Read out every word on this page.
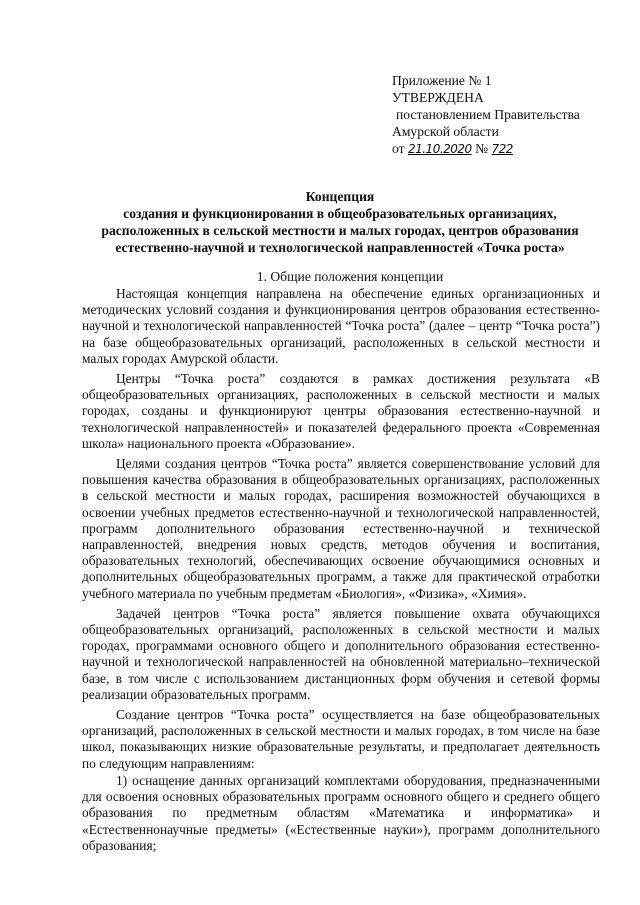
Приложение № 1
УТВЕРЖДЕНА
постановлением Правительства
Амурской области
от 21.10.2020 № 722
Концепция
создания и функционирования в общеобразовательных организациях,
расположенных в сельской местности и малых городах, центров образования
естественно-научной и технологической направленностей «Точка роста»
1. Общие положения концепции

Настоящая концепция направлена на обеспечение единых организационных и методических условий создания и функционирования центров образования естественно-научной и технологической направленностей “Точка роста” (далее – центр “Точка роста”) на базе общеобразовательных организаций, расположенных в сельской местности и малых городах Амурской области.

Центры “Точка роста” создаются в рамках достижения результата «В общеобразовательных организациях, расположенных в сельской местности и малых городах, созданы и функционируют центры образования естественно-научной и технологической направленностей» и показателей федерального проекта «Современная школа» национального проекта «Образование».

Целями создания центров “Точка роста” является совершенствование условий для повышения качества образования в общеобразовательных организациях, расположенных в сельской местности и малых городах, расширения возможностей обучающихся в освоении учебных предметов естественно-научной и технологической направленностей, программ дополнительного образования естественно-научной и технической направленностей, внедрения новых средств, методов обучения и воспитания, образовательных технологий, обеспечивающих освоение обучающимися основных и дополнительных общеобразовательных программ, а также для практической отработки учебного материала по учебным предметам «Биология», «Физика», «Химия».

Задачей центров “Точка роста” является повышение охвата обучающихся общеобразовательных организаций, расположенных в сельской местности и малых городах, программами основного общего и дополнительного образования естественно-научной и технологической направленностей на обновленной материально–технической базе, в том числе с использованием дистанционных форм обучения и сетевой формы реализации образовательных программ.

Создание центров “Точка роста” осуществляется на базе общеобразовательных организаций, расположенных в сельской местности и малых городах, в том числе на базе школ, показывающих низкие образовательные результаты, и предполагает деятельность по следующим направлениям:

1) оснащение данных организаций комплектами оборудования, предназначенными для освоения основных образовательных программ основного общего и среднего общего образования по предметным областям «Математика и информатика» и «Естественнонаучные предметы» («Естественные науки»), программ дополнительного образования;
